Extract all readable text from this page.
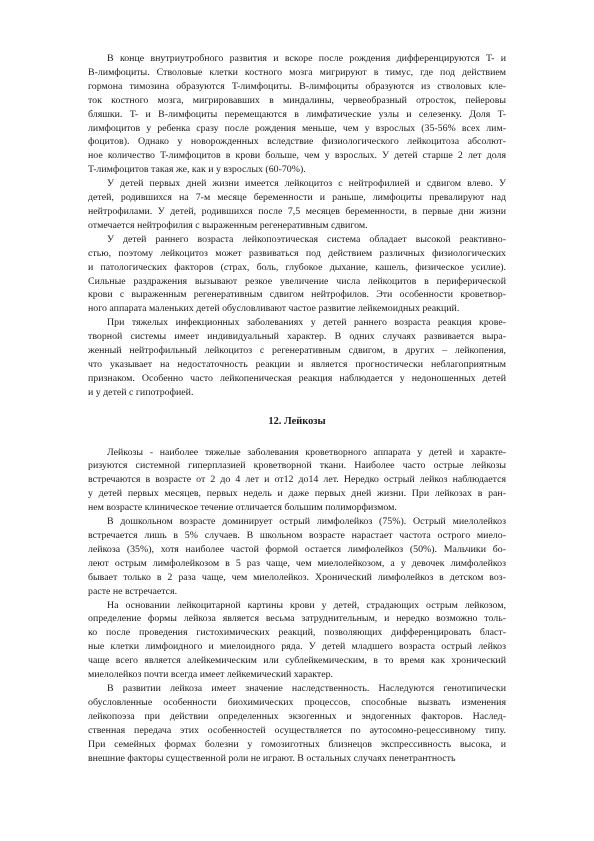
В конце внутриутробного развития и вскоре после рождения дифференцируются T- и
B-лимфоциты. Стволовые клетки костного мозга мигрируют в тимус, где под действием
гормона тимозина образуются T-лимфоциты. B-лимфоциты образуются из стволовых кле-
ток костного мозга, мигрировавших в миндалины, червеобразный отросток, пейеровы
бляшки. T- и B-лимфоциты перемещаются в лимфатические узлы и селезенку. Доля T-
лимфоцитов у ребенка сразу после рождения меньше, чем у взрослых (35-56% всех лим-
фоцитов). Однако у новорожденных вследствие физиологического лейкоцитоза абсолют-
ное количество T-лимфоцитов в крови больше, чем у взрослых. У детей старше 2 лет доля
T-лимфоцитов такая же, как и у взрослых (60-70%).

У детей первых дней жизни имеется лейкоцитоз с нейтрофилией и сдвигом влево. У
детей, родившихся на 7-м месяце беременности и раньше, лимфоциты превалируют над
нейтрофилами. У детей, родившихся после 7,5 месяцев беременности, в первые дни жизни
отмечается нейтрофилия с выраженным регенеративным сдвигом.

У детей раннего возраста лейкопоэтическая система обладает высокой реактивно-
стью, поэтому лейкоцитоз может развиваться под действием различных физиологических
и патологических факторов (страх, боль, глубокое дыхание, кашель, физическое усилие).
Сильные раздражения вызывают резкое увеличение числа лейкоцитов в периферической
крови с выраженным регенеративным сдвигом нейтрофилов. Эти особенности кроветвор-
ного аппарата маленьких детей обусловливают частое развитие лейкемоидных реакций.

При тяжелых инфекционных заболеваниях у детей раннего возраста реакция крове-
творной системы имеет индивидуальный характер. В одних случаях развивается выра-
женный нейтрофильный лейкоцитоз с регенеративным сдвигом, в других – лейкопения,
что указывает на недостаточность реакции и является прогностически неблагоприятным
признаком. Особенно часто лейкопеническая реакция наблюдается у недоношенных детей
и у детей с гипотрофией.

12. Лейкозы

Лейкозы - наиболее тяжелые заболевания кроветворного аппарата у детей и характе-
ризуются системной гиперплазией кроветворной ткани. Наиболее часто острые лейкозы
встречаются в возрасте от 2 до 4 лет и от12 до14 лет. Нередко острый лейкоз наблюдается
у детей первых месяцев, первых недель и даже первых дней жизни. При лейкозах в ран-
нем возрасте клиническое течение отличается большим полиморфизмом.

В дошкольном возрасте доминирует острый лимфолейкоз (75%). Острый миелолейкоз
встречается лишь в 5% случаев. В школьном возрасте нарастает частота острого миело-
лейкоза (35%), хотя наиболее частой формой остается лимфолейкоз (50%). Мальчики бо-
леют острым лимфолейкозом в 5 раз чаще, чем миелолейкозом, а у девочек лимфолейкоз
бывает только в 2 раза чаще, чем миелолейкоз. Хронический лимфолейкоз в детском воз-
расте не встречается.

На основании лейкоцитарной картины крови у детей, страдающих острым лейкозом,
определение формы лейкоза является весьма затруднительным, и нередко возможно толь-
ко после проведения гистохимических реакций, позволяющих дифференцировать бласт-
ные клетки лимфоидного и миелоидного ряда. У детей младшего возраста острый лейкоз
чаще всего является алейкемическим или сублейкемическим, в то время как хронический
миелолейкоз почти всегда имеет лейкемический характер.

В развитии лейкоза имеет значение наследственность. Наследуются генотипически
обусловленные особенности биохимических процессов, способные вызвать изменения
лейкопоэза при действии определенных экзогенных и эндогенных факторов. Наслед-
ственная передача этих особенностей осуществляется по аутосомно-рецессивному типу.
При семейных формах болезни у гомозиготных близнецов экспрессивность высока, и
внешние факторы существенной роли не играют. В остальных случаях пенетрантность
